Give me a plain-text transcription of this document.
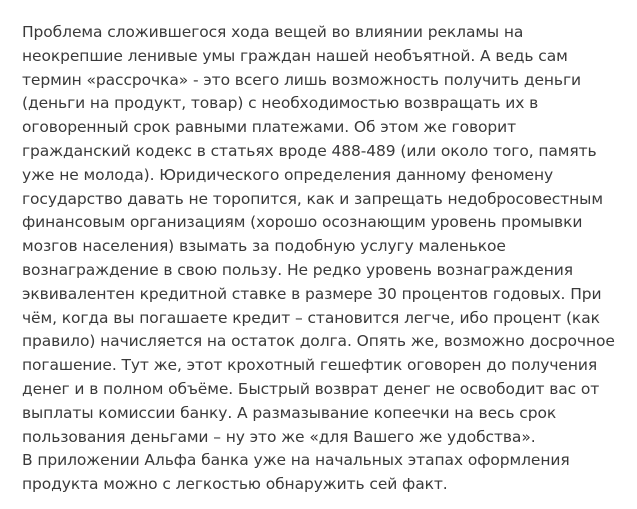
Проблема сложившегося хода вещей во влиянии рекламы на неокрепшие ленивые умы граждан нашей необъятной. А ведь сам термин «рассрочка» - это всего лишь возможность получить деньги (деньги на продукт, товар) с необходимостью возвращать их в оговоренный срок равными платежами. Об этом же говорит гражданский кодекс в статьях вроде 488-489 (или около того, память уже не молода). Юридического определения данному феномену государство давать не торопится, как и запрещать недобросовестным финансовым организациям (хорошо осознающим уровень промывки мозгов населения) взымать за подобную услугу маленькое вознаграждение в свою пользу. Не редко уровень вознаграждения эквивалентен кредитной ставке в размере 30 процентов годовых. При чём, когда вы погашаете кредит – становится легче, ибо процент (как правило) начисляется на остаток долга. Опять же, возможно досрочное погашение. Тут же, этот крохотный гешефтик оговорен до получения денег и в полном объёме. Быстрый возврат денег не освободит вас от выплаты комиссии банку. А размазывание копеечки на весь срок пользования деньгами – ну это же «для Вашего же удобства».

В приложении Альфа банка уже на начальных этапах оформления продукта можно с легкостью обнаружить сей факт.
